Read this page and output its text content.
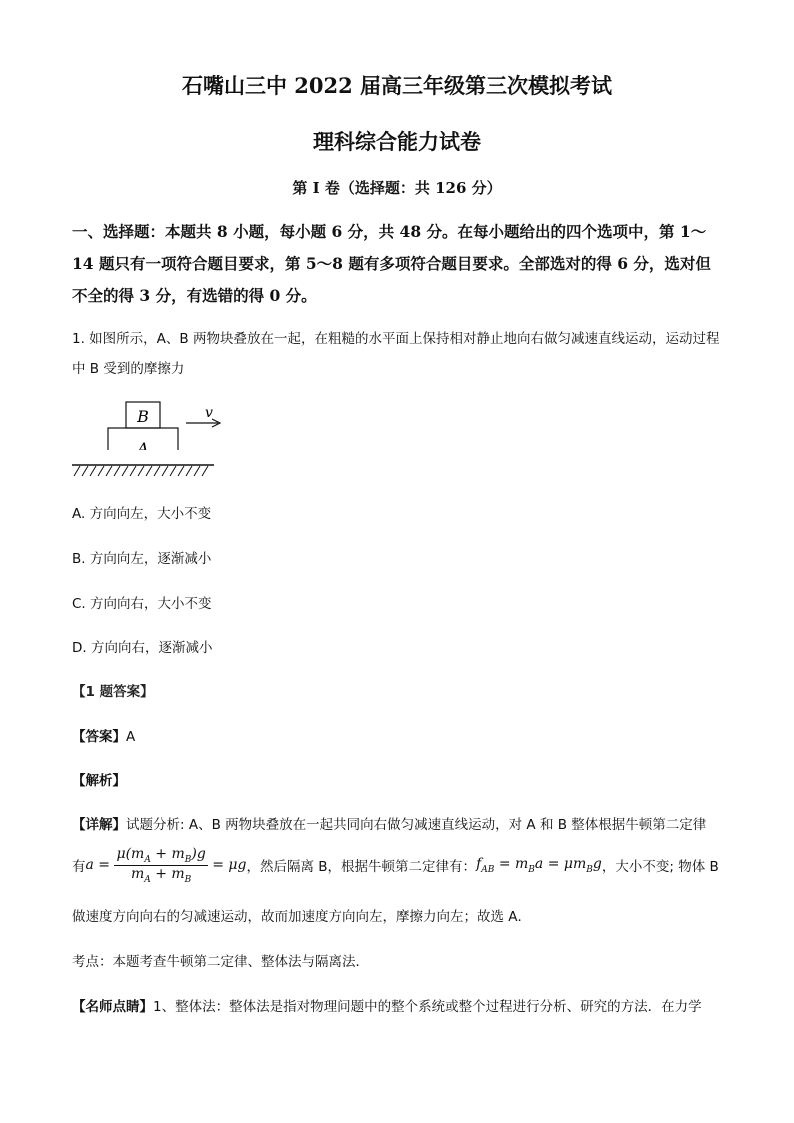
石嘴山三中 2022 届高三年级第三次模拟考试
理科综合能力试卷
第 I 卷（选择题：共 126 分）
一、选择题：本题共 8 小题，每小题 6 分，共 48 分。在每小题给出的四个选项中，第 1～14 题只有一项符合题目要求，第 5～8 题有多项符合题目要求。全部选对的得 6 分，选对但不全的得 3 分，有选错的得 0 分。
1. 如图所示，A、B 两物块叠放在一起，在粗糙的水平面上保持相对静止地向右做匀减速直线运动，运动过程中 B 受到的摩擦力
B
A
v
A. 方向向左，大小不变
B. 方向向左，逐渐减小
C. 方向向右，大小不变
D. 方向向右，逐渐减小
【1 题答案】
【答案】A
【解析】
【详解】试题分析: A、B 两物块叠放在一起共同向右做匀减速直线运动，对 A 和 B 整体根据牛顿第二定律
有 $a = \frac{\mu(m_A + m_B)g}{m_A + m_B} = \mu g$ ，然后隔离 B，根据牛顿第二定律有： $f_{AB} = m_Ba = \mu m_Bg$ ，大小不变; 物体 B
做速度方向向右的匀减速运动，故而加速度方向向左，摩擦力向左；故选 A．
考点：本题考查牛顿第二定律、整体法与隔离法．
【名师点睛】1、整体法：整体法是指对物理问题中的整个系统或整个过程进行分析、研究的方法．在力学
